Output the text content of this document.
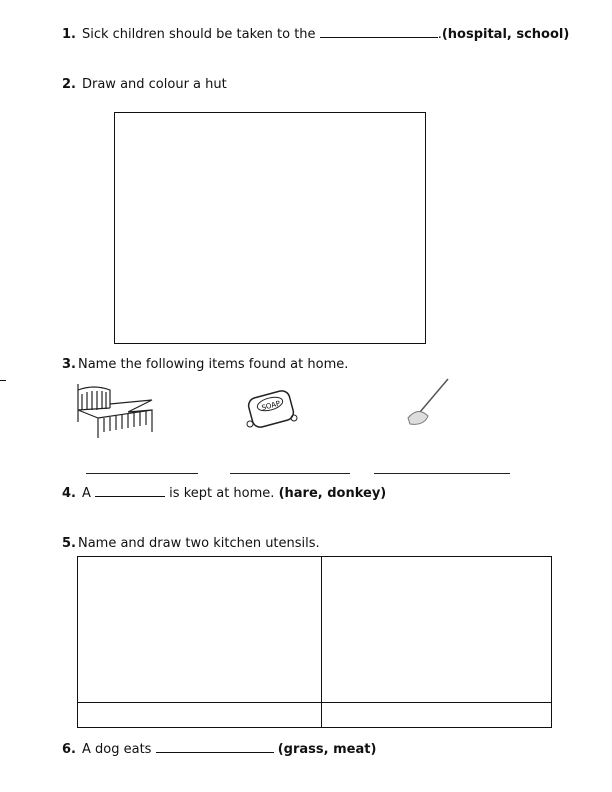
1. Sick children should be taken to the	.(hospital, school)
2. Draw and colour a hut
3. Name the following items found at home.
SOAP
4. A	is kept at home. (hare, donkey)
5. Name and draw two kitchen utensils.
6. A dog eats	(grass, meat)
